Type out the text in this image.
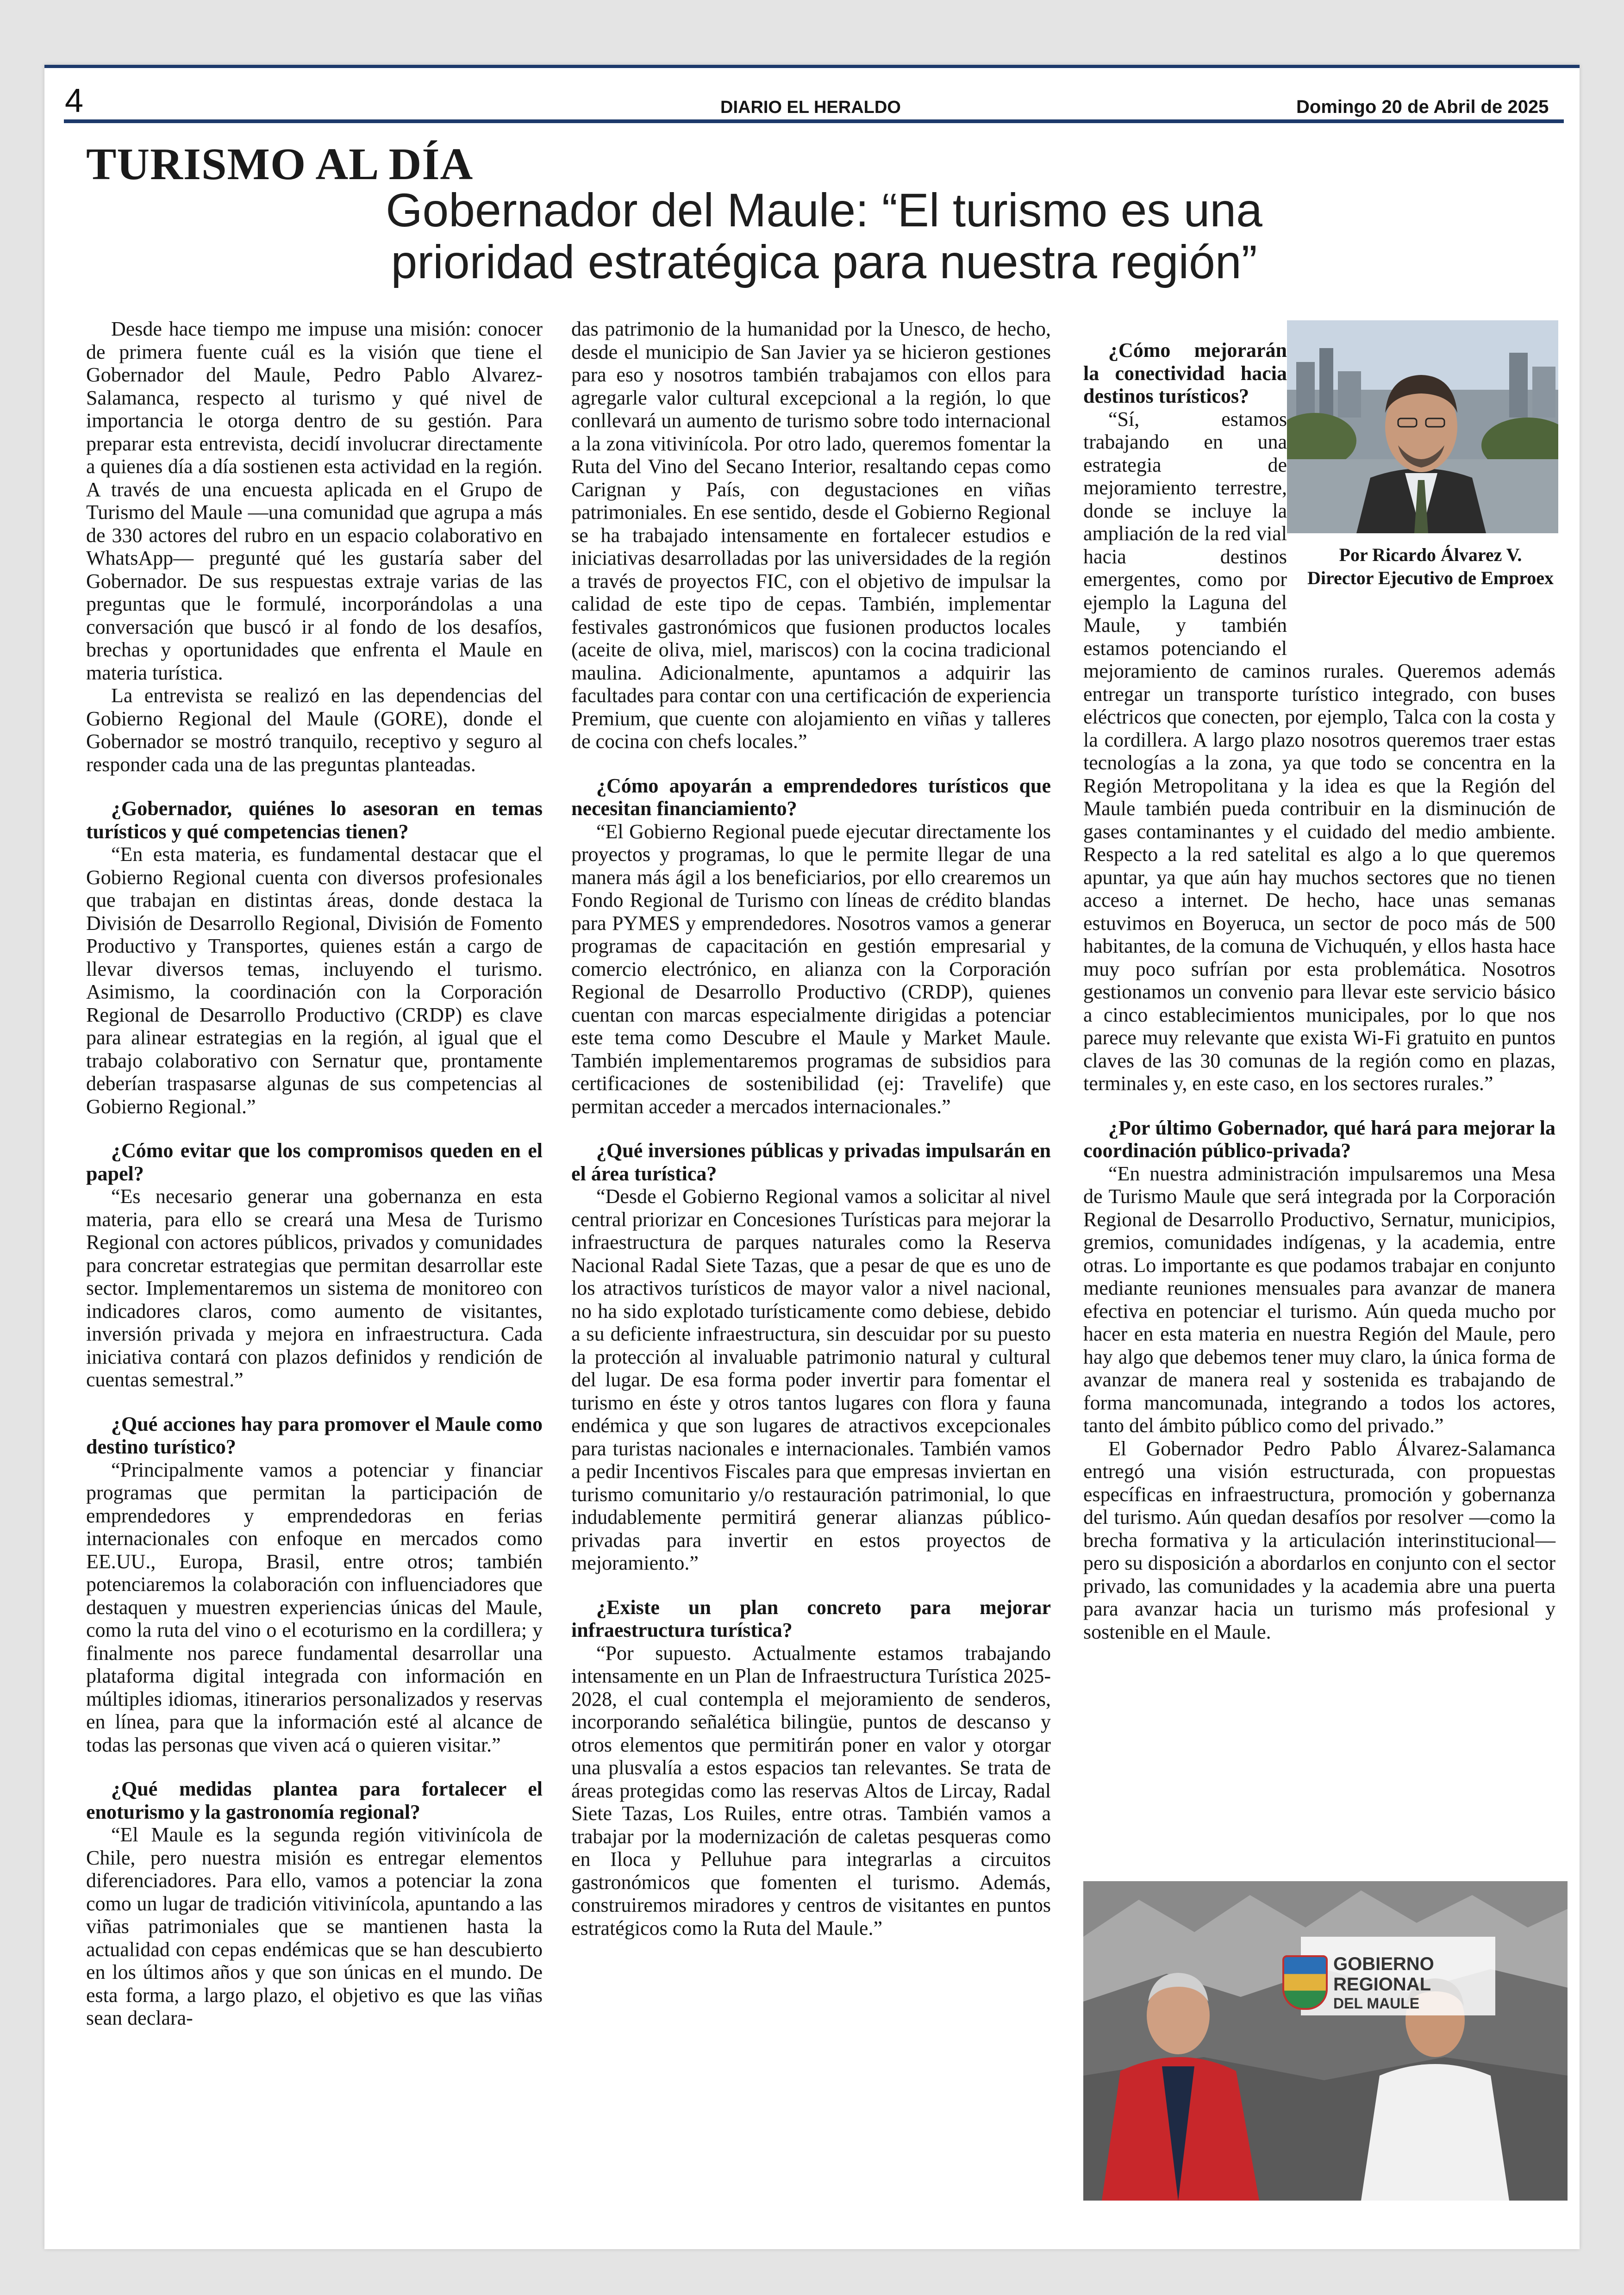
4	DIARIO EL HERALDO	Domingo 20 de Abril de 2025
TURISMO AL DÍA
Gobernador del Maule: “El turismo es una prioridad estratégica para nuestra región”

Desde hace tiempo me impuse una misión: conocer de primera fuente cuál es la visión que tiene el Gobernador del Maule, Pedro Pablo Alvarez-Salamanca, respecto al turismo y qué nivel de importancia le otorga dentro de su gestión. Para preparar esta entrevista, decidí involucrar directamente a quienes día a día sostienen esta actividad en la región. A través de una encuesta aplicada en el Grupo de Turismo del Maule —una comunidad que agrupa a más de 330 actores del rubro en un espacio colaborativo en WhatsApp— pregunté qué les gustaría saber del Gobernador. De sus respuestas extraje varias de las preguntas que le formulé, incorporándolas a una conversación que buscó ir al fondo de los desafíos, brechas y oportunidades que enfrenta el Maule en materia turística.

La entrevista se realizó en las dependencias del Gobierno Regional del Maule (GORE), donde el Gobernador se mostró tranquilo, receptivo y seguro al responder cada una de las preguntas planteadas.

¿Gobernador, quiénes lo asesoran en temas turísticos y qué competencias tienen?

“En esta materia, es fundamental destacar que el Gobierno Regional cuenta con diversos profesionales que trabajan en distintas áreas, donde destaca la División de Desarrollo Regional, División de Fomento Productivo y Transportes, quienes están a cargo de llevar diversos temas, incluyendo el turismo. Asimismo, la coordinación con la Corporación Regional de Desarrollo Productivo (CRDP) es clave para alinear estrategias en la región, al igual que el trabajo colaborativo con Sernatur que, prontamente deberían traspasarse algunas de sus competencias al Gobierno Regional.”

¿Cómo evitar que los compromisos queden en el papel?

“Es necesario generar una gobernanza en esta materia, para ello se creará una Mesa de Turismo Regional con actores públicos, privados y comunidades para concretar estrategias que permitan desarrollar este sector. Implementaremos un sistema de monitoreo con indicadores claros, como aumento de visitantes, inversión privada y mejora en infraestructura. Cada iniciativa contará con plazos definidos y rendición de cuentas semestral.”

¿Qué acciones hay para promover el Maule como destino turístico?

“Principalmente vamos a potenciar y financiar programas que permitan la participación de emprendedores y emprendedoras en ferias internacionales con enfoque en mercados como EE.UU., Europa, Brasil, entre otros; también potenciaremos la colaboración con influenciadores que destaquen y muestren experiencias únicas del Maule, como la ruta del vino o el ecoturismo en la cordillera; y finalmente nos parece fundamental desarrollar una plataforma digital integrada con información en múltiples idiomas, itinerarios personalizados y reservas en línea, para que la información esté al alcance de todas las personas que viven acá o quieren visitar.”

¿Qué medidas plantea para fortalecer el enoturismo y la gastronomía regional?

“El Maule es la segunda región vitivinícola de Chile, pero nuestra misión es entregar elementos diferenciadores. Para ello, vamos a potenciar la zona como un lugar de tradición vitivinícola, apuntando a las viñas patrimoniales que se mantienen hasta la actualidad con cepas endémicas que se han descubierto en los últimos años y que son únicas en el mundo. De esta forma, a largo plazo, el objetivo es que las viñas sean declara-

das patrimonio de la humanidad por la Unesco, de hecho, desde el municipio de San Javier ya se hicieron gestiones para eso y nosotros también trabajamos con ellos para agregarle valor cultural excepcional a la región, lo que conllevará un aumento de turismo sobre todo internacional a la zona vitivinícola. Por otro lado, queremos fomentar la Ruta del Vino del Secano Interior, resaltando cepas como Carignan y País, con degustaciones en viñas patrimoniales. En ese sentido, desde el Gobierno Regional se ha trabajado intensamente en fortalecer estudios e iniciativas desarrolladas por las universidades de la región a través de proyectos FIC, con el objetivo de impulsar la calidad de este tipo de cepas. También, implementar festivales gastronómicos que fusionen productos locales (aceite de oliva, miel, mariscos) con la cocina tradicional maulina. Adicionalmente, apuntamos a adquirir las facultades para contar con una certificación de experiencia Premium, que cuente con alojamiento en viñas y talleres de cocina con chefs locales.”

¿Cómo apoyarán a emprendedores turísticos que necesitan financiamiento?

“El Gobierno Regional puede ejecutar directamente los proyectos y programas, lo que le permite llegar de una manera más ágil a los beneficiarios, por ello crearemos un Fondo Regional de Turismo con líneas de crédito blandas para PYMES y emprendedores. Nosotros vamos a generar programas de capacitación en gestión empresarial y comercio electrónico, en alianza con la Corporación Regional de Desarrollo Productivo (CRDP), quienes cuentan con marcas especialmente dirigidas a potenciar este tema como Descubre el Maule y Market Maule. También implementaremos programas de subsidios para certificaciones de sostenibilidad (ej: Travelife) que permitan acceder a mercados internacionales.”

¿Qué inversiones públicas y privadas impulsarán en el área turística?

“Desde el Gobierno Regional vamos a solicitar al nivel central priorizar en Concesiones Turísticas para mejorar la infraestructura de parques naturales como la Reserva Nacional Radal Siete Tazas, que a pesar de que es uno de los atractivos turísticos de mayor valor a nivel nacional, no ha sido explotado turísticamente como debiese, debido a su deficiente infraestructura, sin descuidar por su puesto la protección al invaluable patrimonio natural y cultural del lugar. De esa forma poder invertir para fomentar el turismo en éste y otros tantos lugares con flora y fauna endémica y que son lugares de atractivos excepcionales para turistas nacionales e internacionales. También vamos a pedir Incentivos Fiscales para que empresas inviertan en turismo comunitario y/o restauración patrimonial, lo que indudablemente permitirá generar alianzas público-privadas para invertir en estos proyectos de mejoramiento.”

¿Existe un plan concreto para mejorar infraestructura turística?

“Por supuesto. Actualmente estamos trabajando intensamente en un Plan de Infraestructura Turística 2025-2028, el cual contempla el mejoramiento de senderos, incorporando señalética bilingüe, puntos de descanso y otros elementos que permitirán poner en valor y otorgar una plusvalía a estos espacios tan relevantes. Se trata de áreas protegidas como las reservas Altos de Lircay, Radal Siete Tazas, Los Ruiles, entre otras. También vamos a trabajar por la modernización de caletas pesqueras como en Iloca y Pelluhue para integrarlas a circuitos gastronómicos que fomenten el turismo. Además, construiremos miradores y centros de visitantes en puntos estratégicos como la Ruta del Maule.”

¿Cómo mejorarán la conectividad hacia destinos turísticos?

“Sí, estamos trabajando en una estrategia de mejoramiento terrestre, donde se incluye la ampliación de la red vial hacia destinos emergentes, como por ejemplo la Laguna del Maule, y también estamos potenciando el mejoramiento de caminos rurales. Queremos además entregar un transporte turístico integrado, con buses eléctricos que conecten, por ejemplo, Talca con la costa y la cordillera. A largo plazo nosotros queremos traer estas tecnologías a la zona, ya que todo se concentra en la Región Metropolitana y la idea es que la Región del Maule también pueda contribuir en la disminución de gases contaminantes y el cuidado del medio ambiente. Respecto a la red satelital es algo a lo que queremos apuntar, ya que aún hay muchos sectores que no tienen acceso a internet. De hecho, hace unas semanas estuvimos en Boyeruca, un sector de poco más de 500 habitantes, de la comuna de Vichuquén, y ellos hasta hace muy poco sufrían por esta problemática. Nosotros gestionamos un convenio para llevar este servicio básico a cinco establecimientos municipales, por lo que nos parece muy relevante que exista Wi-Fi gratuito en puntos claves de las 30 comunas de la región como en plazas, terminales y, en este caso, en los sectores rurales.”

¿Por último Gobernador, qué hará para mejorar la coordinación público-privada?

“En nuestra administración impulsaremos una Mesa de Turismo Maule que será integrada por la Corporación Regional de Desarrollo Productivo, Sernatur, municipios, gremios, comunidades indígenas, y la academia, entre otras. Lo importante es que podamos trabajar en conjunto mediante reuniones mensuales para avanzar de manera efectiva en potenciar el turismo. Aún queda mucho por hacer en esta materia en nuestra Región del Maule, pero hay algo que debemos tener muy claro, la única forma de avanzar de manera real y sostenida es trabajando de forma mancomunada, integrando a todos los actores, tanto del ámbito público como del privado.”

El Gobernador Pedro Pablo Álvarez-Salamanca entregó una visión estructurada, con propuestas específicas en infraestructura, promoción y gobernanza del turismo. Aún quedan desafíos por resolver —como la brecha formativa y la articulación interinstitucional— pero su disposición a abordarlos en conjunto con el sector privado, las comunidades y la academia abre una puerta para avanzar hacia un turismo más profesional y sostenible en el Maule.

Por Ricardo Álvarez V.
Director Ejecutivo de Emproex
GOBIERNO
REGIONAL
DEL MAULE
